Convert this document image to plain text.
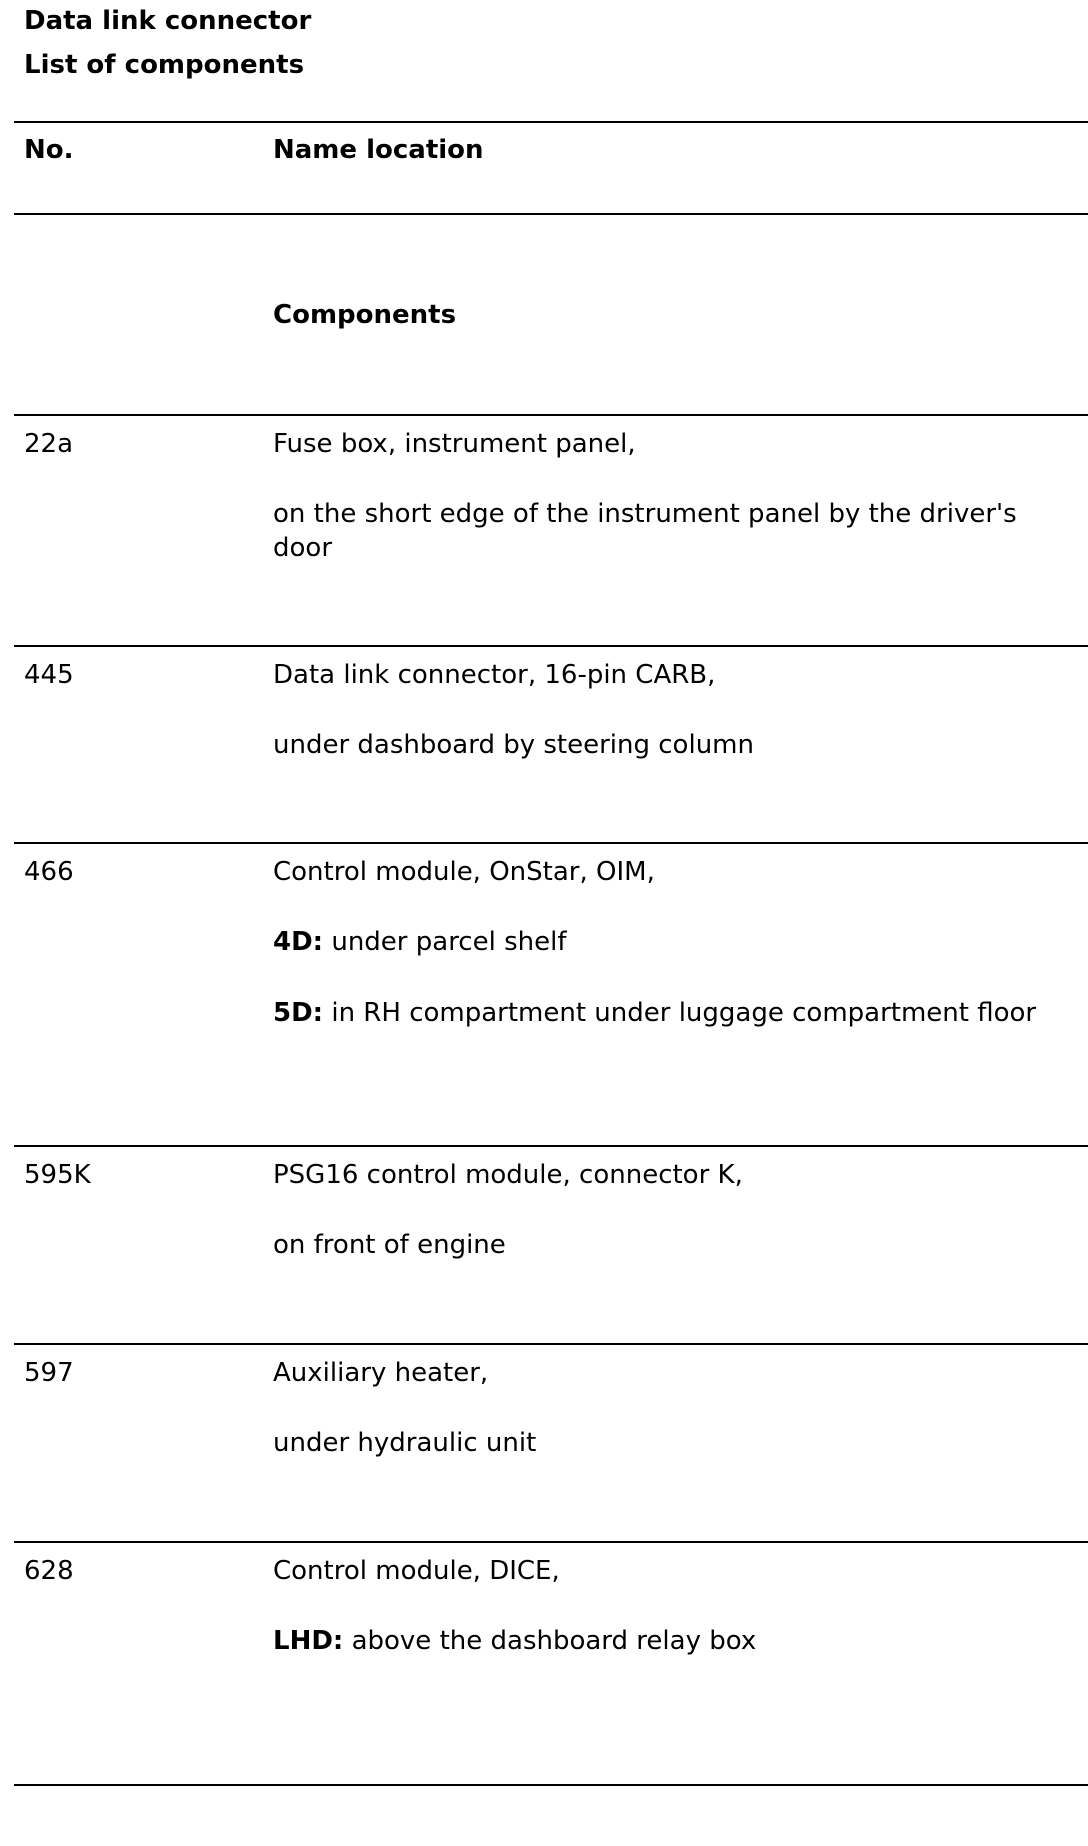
Data link connector
List of components
No.	Name location
Components
22a	Fuse box, instrument panel,
on the short edge of the instrument panel by the driver's door
445	Data link connector, 16-pin CARB,
under dashboard by steering column
466	Control module, OnStar, OIM,
4D: under parcel shelf
5D: in RH compartment under luggage compartment floor
595K	PSG16 control module, connector K,
on front of engine
597	Auxiliary heater,
under hydraulic unit
628	Control module, DICE,
LHD: above the dashboard relay box
